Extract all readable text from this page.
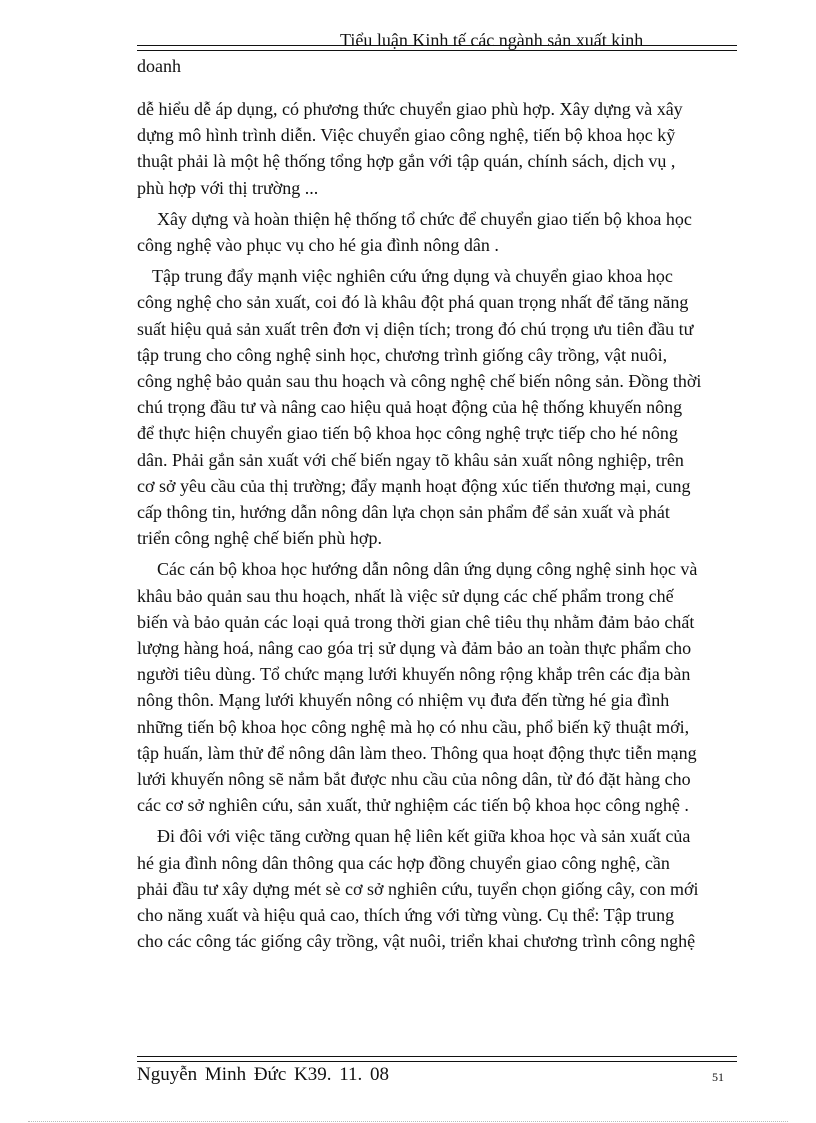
Tiểu luận Kinh tế các ngành sản xuất kinh
doanh
dễ hiểu dễ áp dụng, có phương thức chuyển giao phù hợp. Xây dựng và xây
dựng mô hình trình diễn. Việc chuyển giao công nghệ, tiến bộ khoa học kỹ
thuật phải là một hệ thống tổng hợp gắn với tập quán, chính sách, dịch vụ ,
phù hợp với thị trường ...
Xây dựng và hoàn thiện hệ thống tổ chức để chuyển giao tiến bộ khoa học
công nghệ vào phục vụ cho hé gia đình nông dân .
Tập trung đẩy mạnh việc nghiên cứu ứng dụng và chuyển giao khoa học
công nghệ cho sản xuất, coi đó là khâu đột phá quan trọng nhất để tăng năng
suất hiệu quả sản xuất trên đơn vị diện tích; trong đó chú trọng ưu tiên đầu tư
tập trung cho công nghệ sinh học, chương trình giống cây trồng, vật nuôi,
công nghệ bảo quản sau thu hoạch và công nghệ chế biến nông sản. Đồng thời
chú trọng đầu tư và nâng cao hiệu quả hoạt động của hệ thống khuyến nông
để thực hiện chuyển giao tiến bộ khoa học công nghệ trực tiếp cho hé nông
dân. Phải gắn sản xuất với chế biến ngay tõ khâu sản xuất nông nghiệp, trên
cơ sở yêu cầu của thị trường; đẩy mạnh hoạt động xúc tiến thương mại, cung
cấp thông tin, hướng dẫn nông dân lựa chọn sản phẩm để sản xuất và phát
triển công nghệ chế biến phù hợp.
Các cán bộ khoa học hướng dẫn nông dân ứng dụng công nghệ sinh học và
khâu bảo quản sau thu hoạch, nhất là việc sử dụng các chế phẩm trong chế
biến và bảo quản các loại quả trong thời gian chê tiêu thụ nhằm đảm bảo chất
lượng hàng hoá, nâng cao góa trị sử dụng và đảm bảo an toàn thực phẩm cho
người tiêu dùng. Tổ chức mạng lưới khuyến nông rộng khắp trên các địa bàn
nông thôn. Mạng lưới khuyến nông có nhiệm vụ đưa đến từng hé gia đình
những tiến bộ khoa học công nghệ mà họ có nhu cầu, phổ biến kỹ thuật mới,
tập huấn, làm thử để nông dân làm theo. Thông qua hoạt động thực tiễn mạng
lưới khuyến nông sẽ nắm bắt được nhu cầu của nông dân, từ đó đặt hàng cho
các cơ sở nghiên cứu, sản xuất, thử nghiệm các tiến bộ khoa học công nghệ .
Đi đôi với việc tăng cường quan hệ liên kết giữa khoa học và sản xuất của
hé gia đình nông dân thông qua các hợp đồng chuyển giao công nghệ, cần
phải đầu tư xây dựng mét sè cơ sở nghiên cứu, tuyển chọn giống cây, con mới
cho năng xuất và hiệu quả cao, thích ứng với từng vùng. Cụ thể: Tập trung
cho các công tác giống cây trồng, vật nuôi, triển khai chương trình công nghệ
Nguyễn Minh Đức K39. 11. 08	51
